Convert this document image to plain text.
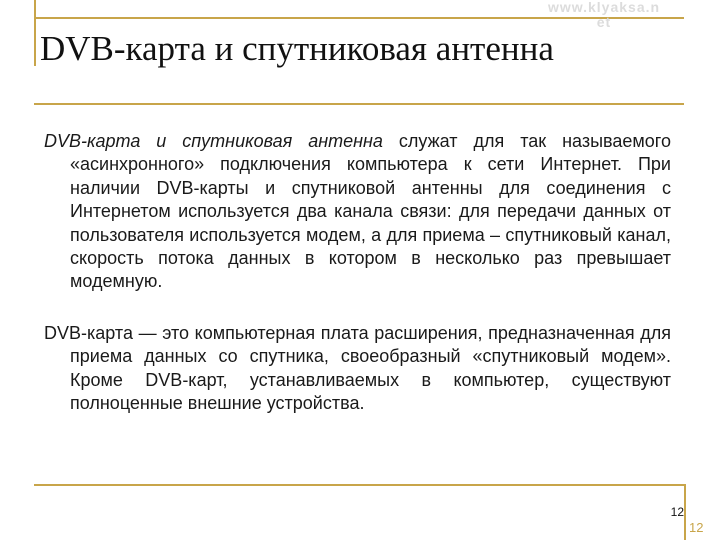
www.klyaksa.n
et
DVB-карта и спутниковая антенна

DVB-карта и спутниковая антенна служат для так называемого «асинхронного» подключения компьютера к сети Интернет. При наличии DVB-карты и спутниковой антенны для соединения с Интернетом используется два канала связи: для передачи данных от пользователя используется модем, а для приема – спутниковый канал, скорость потока данных в котором в несколько раз превышает модемную.

DVB-карта — это компьютерная плата расширения, предназначенная для приема данных со спутника, своеобразный «спутниковый модем». Кроме DVB-карт, устанавливаемых в компьютер, существуют полноценные внешние устройства.

12
12
